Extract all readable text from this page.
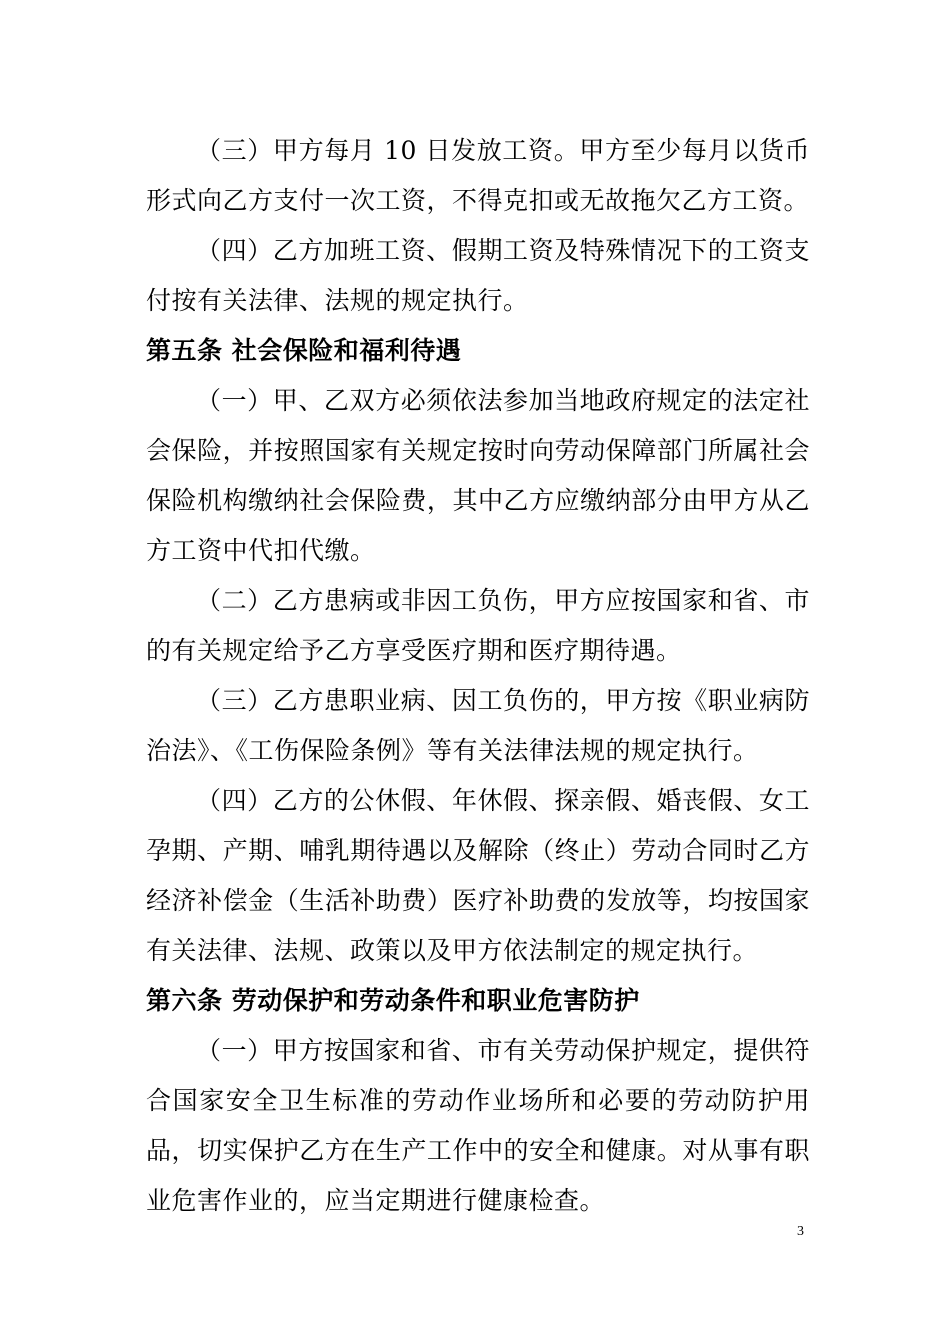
（三）甲方每月 10 日发放工资。甲方至少每月以货币形式向乙方支付一次工资，不得克扣或无故拖欠乙方工资。

（四）乙方加班工资、假期工资及特殊情况下的工资支付按有关法律、法规的规定执行。

第五条 社会保险和福利待遇

（一）甲、乙双方必须依法参加当地政府规定的法定社会保险，并按照国家有关规定按时向劳动保障部门所属社会保险机构缴纳社会保险费，其中乙方应缴纳部分由甲方从乙方工资中代扣代缴。

（二）乙方患病或非因工负伤，甲方应按国家和省、市的有关规定给予乙方享受医疗期和医疗期待遇。

（三）乙方患职业病、因工负伤的，甲方按《职业病防治法》、《工伤保险条例》等有关法律法规的规定执行。

（四）乙方的公休假、年休假、探亲假、婚丧假、女工孕期、产期、哺乳期待遇以及解除（终止）劳动合同时乙方经济补偿金（生活补助费）医疗补助费的发放等，均按国家有关法律、法规、政策以及甲方依法制定的规定执行。

第六条 劳动保护和劳动条件和职业危害防护

（一）甲方按国家和省、市有关劳动保护规定，提供符合国家安全卫生标准的劳动作业场所和必要的劳动防护用品，切实保护乙方在生产工作中的安全和健康。对从事有职业危害作业的，应当定期进行健康检查。

3
